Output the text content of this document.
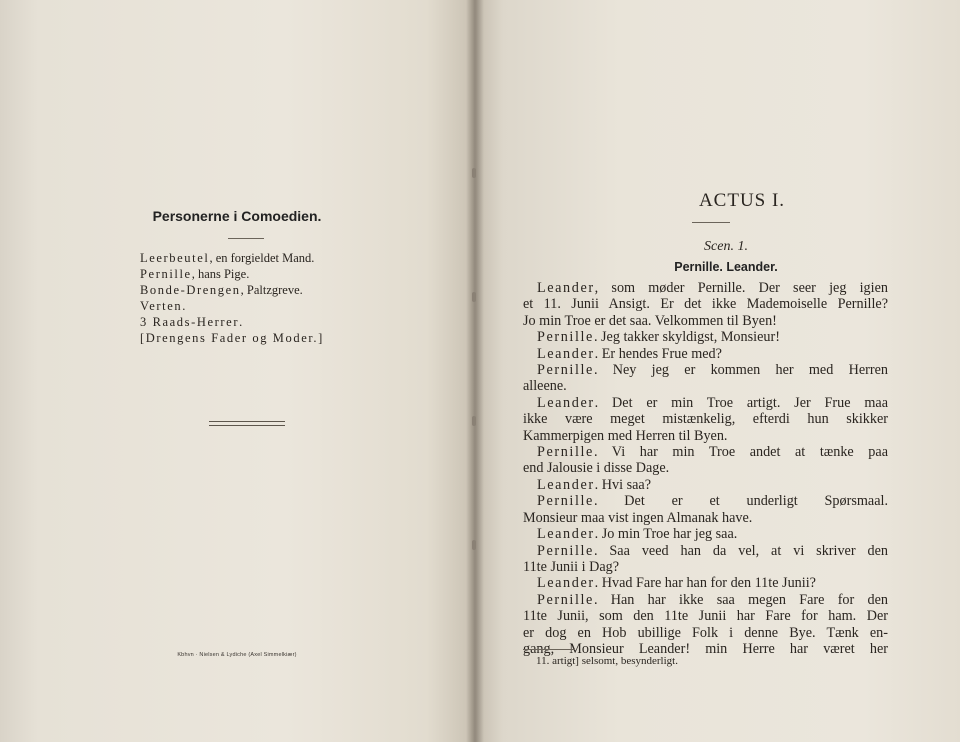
Personerne i Comoedien.
Leerbeutel, en forgieldet Mand.
Pernille, hans Pige.
Bonde-Drengen, Paltzgreve.
Verten.
3 Raads-Herrer.
[Drengens Fader og Moder.]
Kbhvn · Nielsen & Lydiche (Axel Simmelkiær)
ACTUS I.
Scen. 1.
Pernille. Leander.
Leander, som møder Pernille. Der seer jeg igien
et 11. Junii Ansigt. Er det ikke Mademoiselle Pernille?
Jo min Troe er det saa. Velkommen til Byen!
Pernille. Jeg takker skyldigst, Monsieur!
Leander. Er hendes Frue med?
Pernille. Ney jeg er kommen her med Herren
alleene.
Leander. Det er min Troe artigt. Jer Frue maa
ikke være meget mistænkelig, efterdi hun skikker
Kammerpigen med Herren til Byen.
Pernille. Vi har min Troe andet at tænke paa
end Jalousie i disse Dage.
Leander. Hvi saa?
Pernille. Det er et underligt Spørsmaal.
Monsieur maa vist ingen Almanak have.
Leander. Jo min Troe har jeg saa.
Pernille. Saa veed han da vel, at vi skriver den
11te Junii i Dag?
Leander. Hvad Fare har han for den 11te Junii?
Pernille. Han har ikke saa megen Fare for den
11te Junii, som den 11te Junii har Fare for ham. Der
er dog en Hob ubillige Folk i denne Bye. Tænk en-
gang, Monsieur Leander! min Herre har været her
11. artigt] selsomt, besynderligt.
